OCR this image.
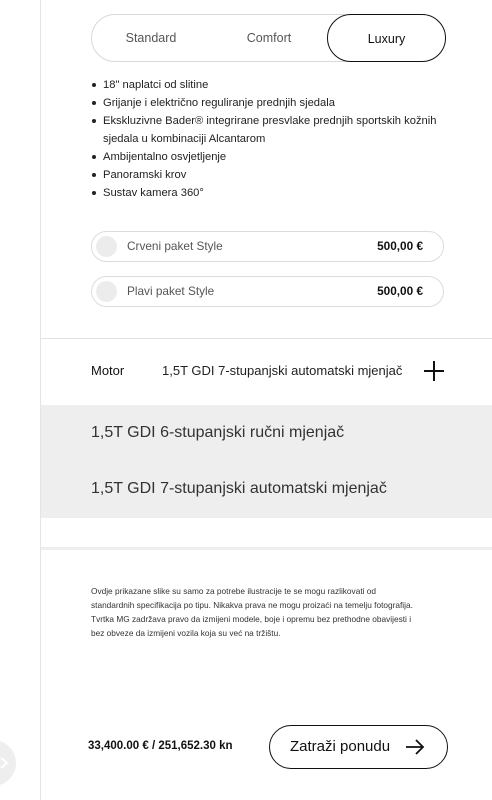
Standard	Comfort	Luxury
18" naplatci od slitine
Grijanje i električno reguliranje prednjih sjedala
Ekskluzivne Bader® integrirane presvlake prednjih sportskih kožnih sjedala u kombinaciji Alcantarom
Ambijentalno osvjetljenje
Panoramski krov
Sustav kamera 360°
Crveni paket Style	500,00 €
Plavi paket Style	500,00 €
Motor	1,5T GDI 7-stupanjski automatski mjenjač
1,5T GDI 6-stupanjski ručni mjenjač
1,5T GDI 7-stupanjski automatski mjenjač

Ovdje prikazane slike su samo za potrebe ilustracije te se mogu razlikovati od standardnih specifikacija po tipu. Nikakva prava ne mogu proizaći na temelju fotografija. Tvrtka MG zadržava pravo da izmijeni modele, boje i opremu bez prethodne obavijesti i bez obveze da izmijeni vozila koja su već na tržištu.

33,400.00 € / 251,652.30 kn	Zatraži ponudu
